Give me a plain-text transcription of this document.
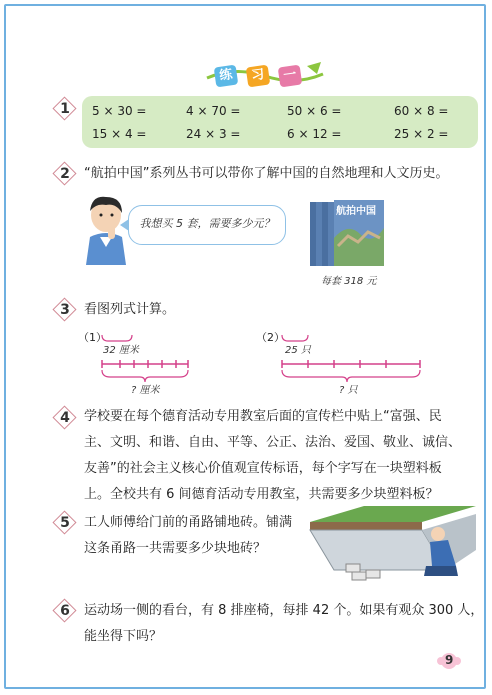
练	习	一
1	5 × 30 =	4 × 70 =	50 × 6 =	60 × 8 =
15 × 4 =	24 × 3 =	6 × 12 =	25 × 2 =
2	“航拍中国”系列丛书可以带你了解中国的自然地理和人文历史。
我想买 5 套，需要多少元？
航拍中国
每套 318 元
3	看图列式计算。
（1）
32 厘米
? 厘米
（2）
25 只
? 只
4	学校要在每个德育活动专用教室后面的宣传栏中贴上“富强、民
主、文明、和谐、自由、平等、公正、法治、爱国、敬业、诚信、
友善”的社会主义核心价值观宣传标语，每个字写在一块塑料板
上。全校共有 6 间德育活动专用教室，共需要多少块塑料板？
5	工人师傅给门前的甬路铺地砖。铺满
这条甬路一共需要多少块地砖？
6	运动场一侧的看台，有 8 排座椅，每排 42 个。如果有观众 300 人，
能坐得下吗？
9
